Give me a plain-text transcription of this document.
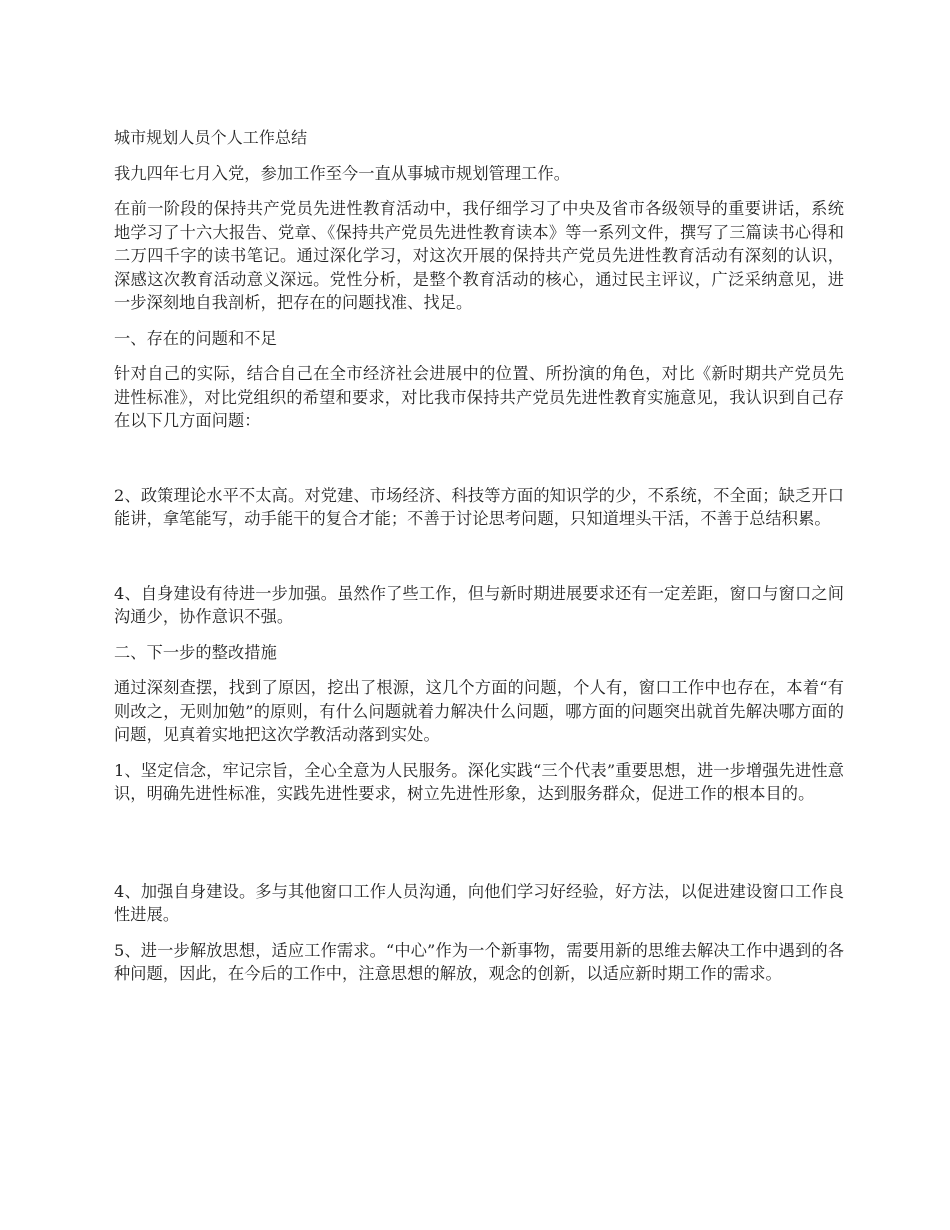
城市规划人员个人工作总结

我九四年七月入党，参加工作至今一直从事城市规划管理工作。

在前一阶段的保持共产党员先进性教育活动中，我仔细学习了中央及省市各级领导的重要讲话，系统地学习了十六大报告、党章、《保持共产党员先进性教育读本》等一系列文件，撰写了三篇读书心得和二万四千字的读书笔记。通过深化学习，对这次开展的保持共产党员先进性教育活动有深刻的认识，深感这次教育活动意义深远。党性分析，是整个教育活动的核心，通过民主评议，广泛采纳意见，进一步深刻地自我剖析，把存在的问题找准、找足。

一、存在的问题和不足

针对自己的实际，结合自己在全市经济社会进展中的位置、所扮演的角色，对比《新时期共产党员先进性标准》，对比党组织的希望和要求，对比我市保持共产党员先进性教育实施意见，我认识到自己存在以下几方面问题：

2、政策理论水平不太高。对党建、市场经济、科技等方面的知识学的少，不系统，不全面；缺乏开口能讲，拿笔能写，动手能干的复合才能；不善于讨论思考问题，只知道埋头干活，不善于总结积累。

4、自身建设有待进一步加强。虽然作了些工作，但与新时期进展要求还有一定差距，窗口与窗口之间沟通少，协作意识不强。

二、下一步的整改措施

通过深刻查摆，找到了原因，挖出了根源，这几个方面的问题，个人有，窗口工作中也存在，本着“有则改之，无则加勉”的原则，有什么问题就着力解决什么问题，哪方面的问题突出就首先解决哪方面的问题，见真着实地把这次学教活动落到实处。

1、坚定信念，牢记宗旨，全心全意为人民服务。深化实践“三个代表”重要思想，进一步增强先进性意识，明确先进性标准，实践先进性要求，树立先进性形象，达到服务群众，促进工作的根本目的。

4、加强自身建设。多与其他窗口工作人员沟通，向他们学习好经验，好方法，以促进建设窗口工作良性进展。

5、进一步解放思想，适应工作需求。“中心”作为一个新事物，需要用新的思维去解决工作中遇到的各种问题，因此，在今后的工作中，注意思想的解放，观念的创新，以适应新时期工作的需求。
